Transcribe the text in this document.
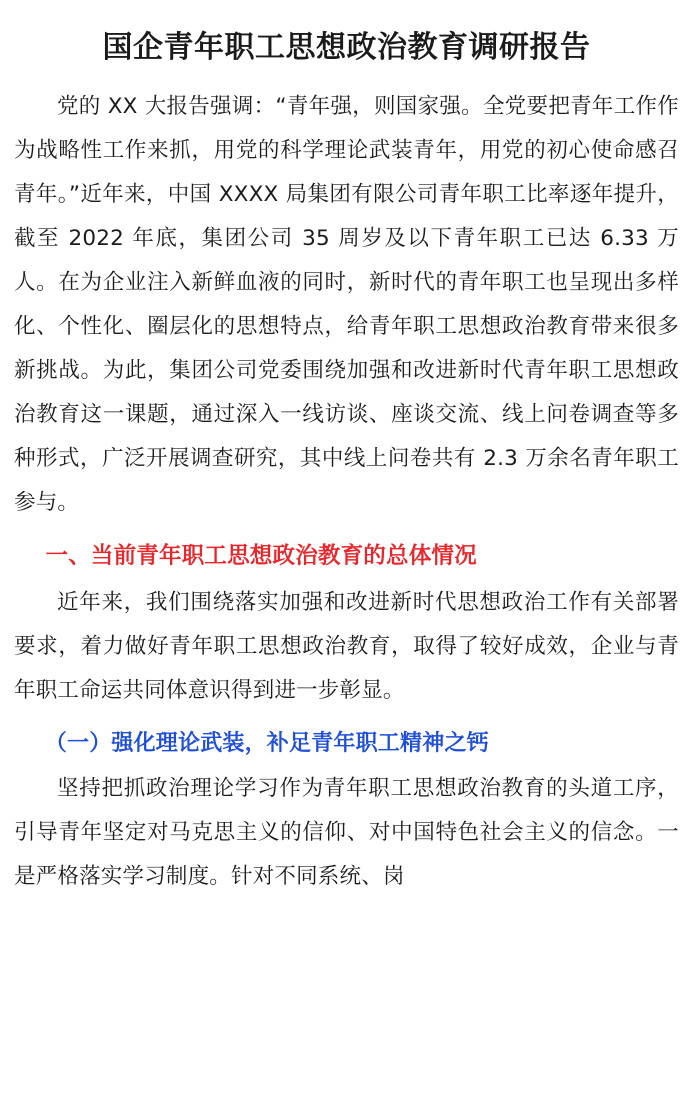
国企青年职工思想政治教育调研报告

党的 XX 大报告强调：“青年强，则国家强。全党要把青年工作作为战略性工作来抓，用党的科学理论武装青年，用党的初心使命感召青年。”近年来，中国 XXXX 局集团有限公司青年职工比率逐年提升，截至 2022 年底，集团公司 35 周岁及以下青年职工已达 6.33 万人。在为企业注入新鲜血液的同时，新时代的青年职工也呈现出多样化、个性化、圈层化的思想特点，给青年职工思想政治教育带来很多新挑战。为此，集团公司党委围绕加强和改进新时代青年职工思想政治教育这一课题，通过深入一线访谈、座谈交流、线上问卷调查等多种形式，广泛开展调查研究，其中线上问卷共有 2.3 万余名青年职工参与。

一、当前青年职工思想政治教育的总体情况

近年来，我们围绕落实加强和改进新时代思想政治工作有关部署要求，着力做好青年职工思想政治教育，取得了较好成效，企业与青年职工命运共同体意识得到进一步彰显。

（一）强化理论武装，补足青年职工精神之钙

坚持把抓政治理论学习作为青年职工思想政治教育的头道工序，引导青年坚定对马克思主义的信仰、对中国特色社会主义的信念。一是严格落实学习制度。针对不同系统、岗
